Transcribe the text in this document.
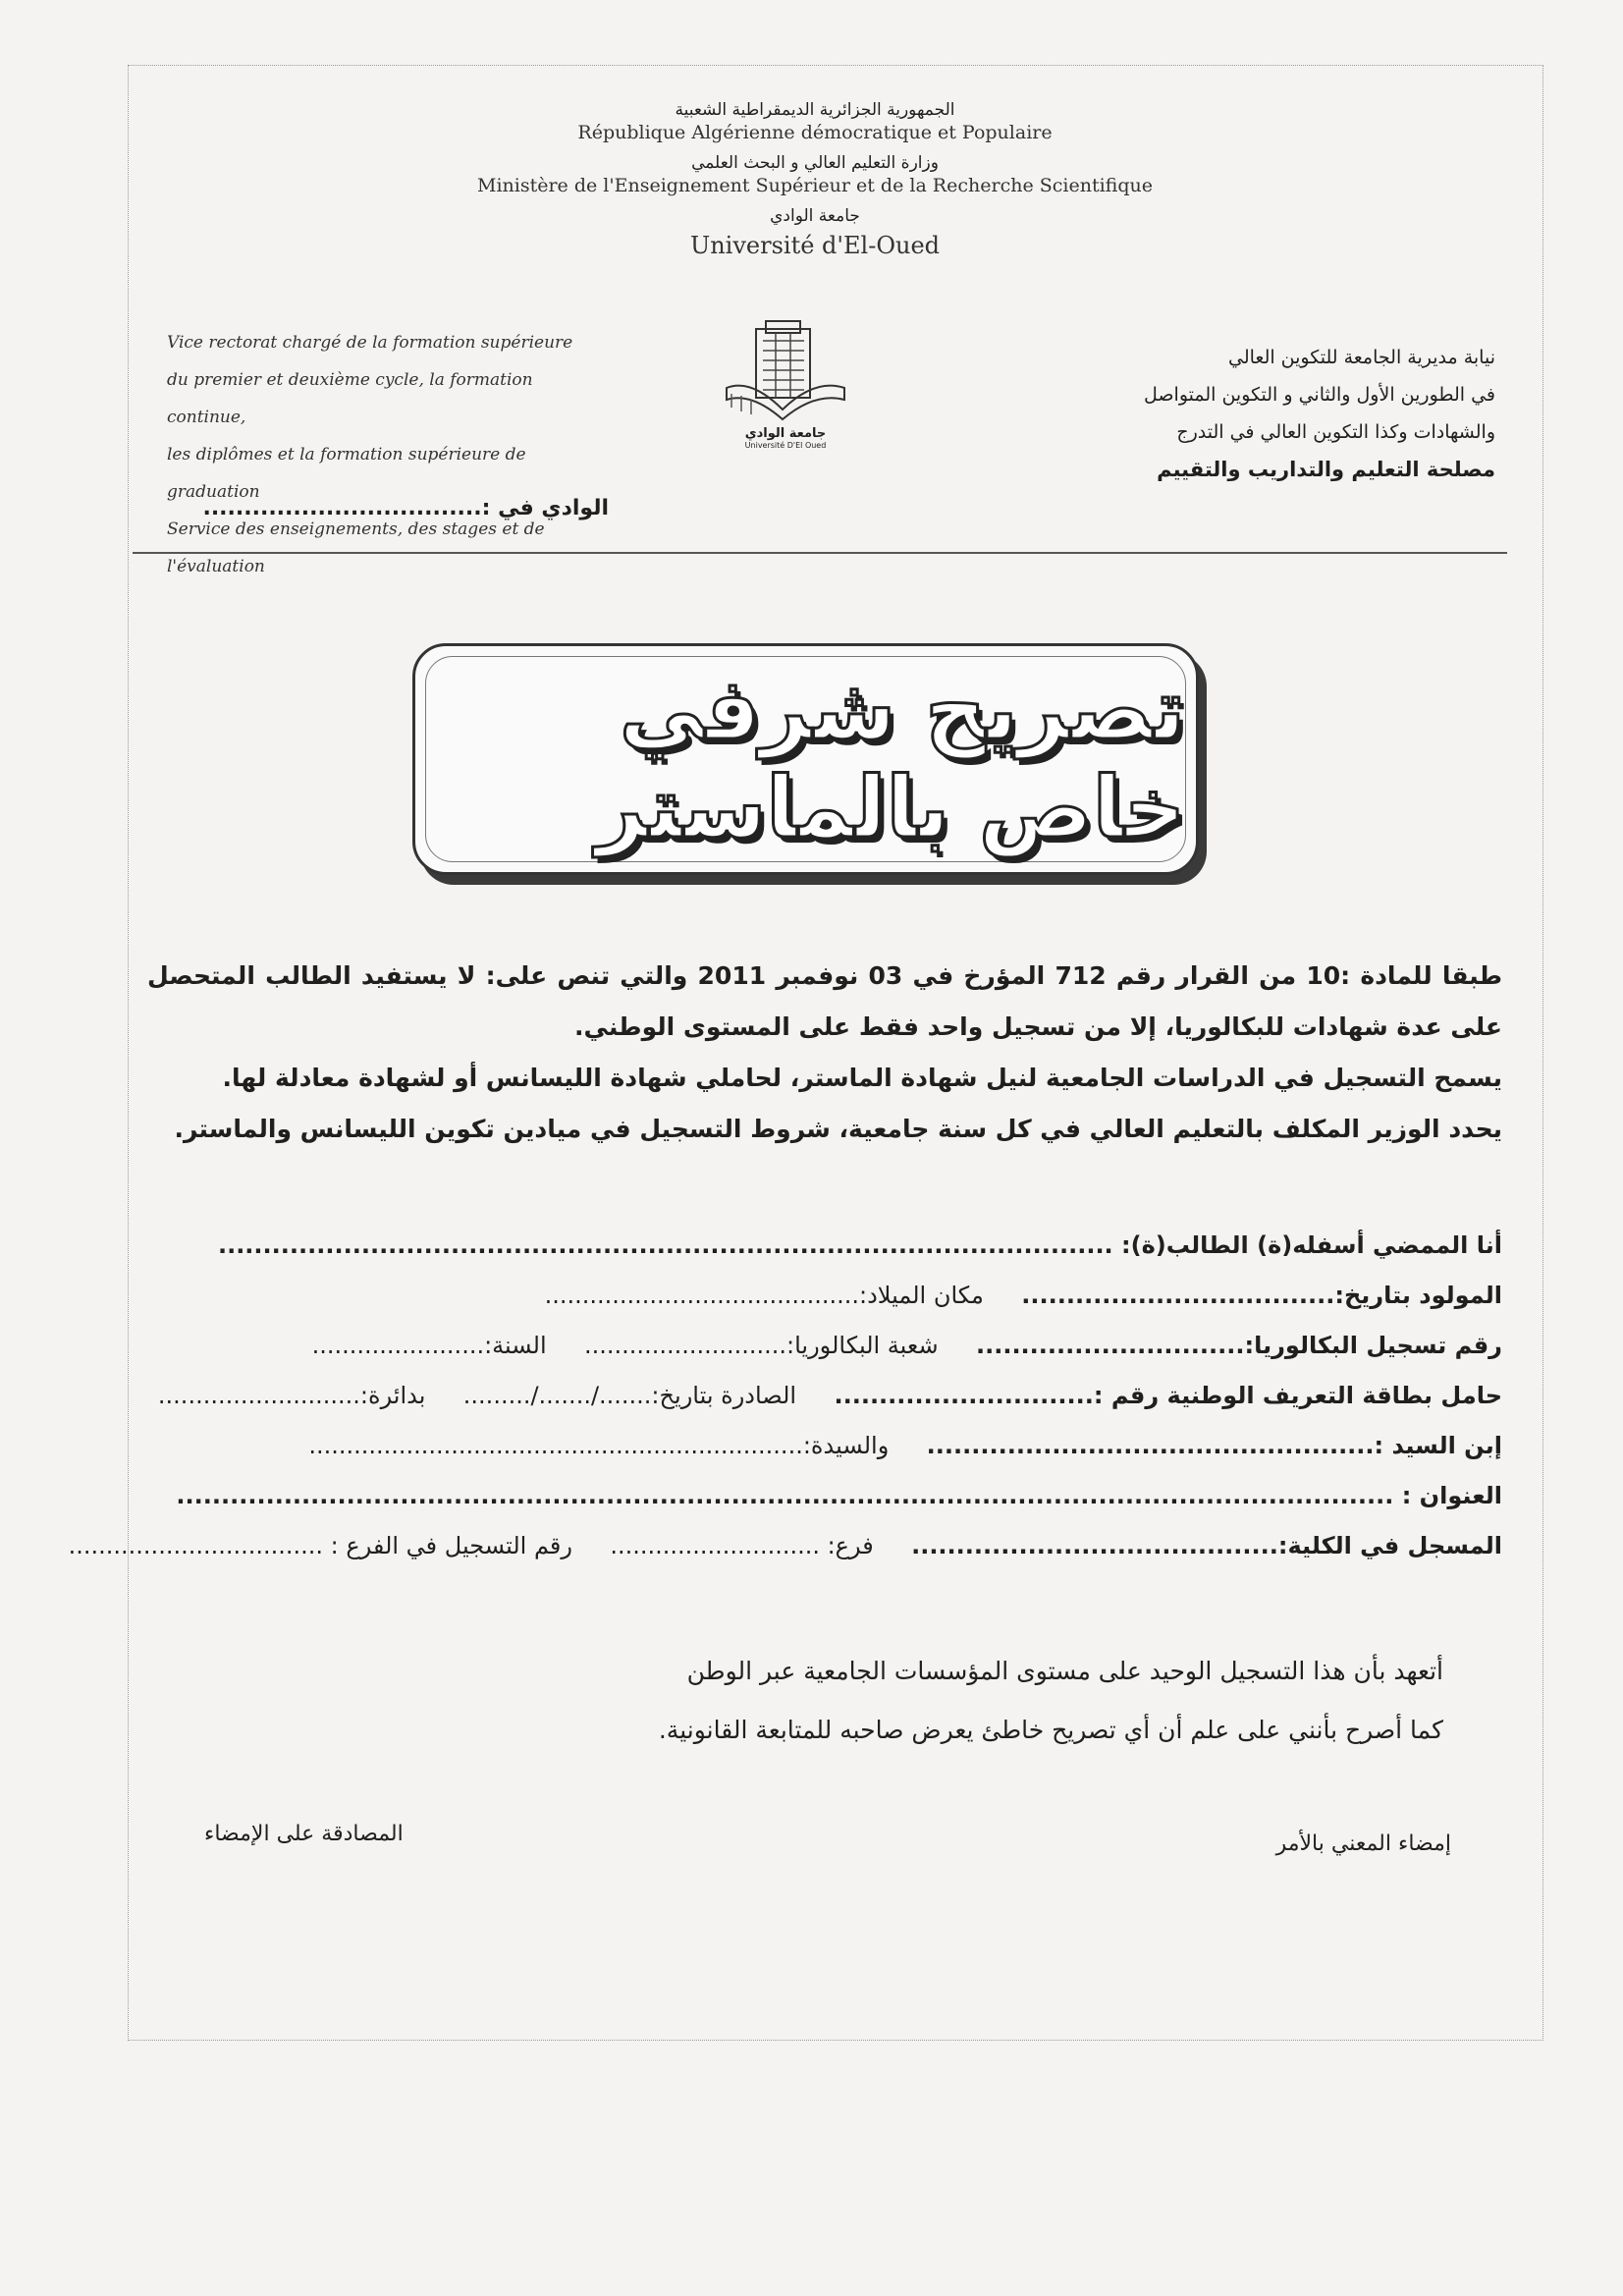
الجمهورية الجزائرية الديمقراطية الشعبية
République Algérienne démocratique et Populaire
وزارة التعليم العالي و البحث العلمي
Ministère de l'Enseignement Supérieur et de la Recherche Scientifique
جامعة الوادي
Université d'El-Oued
Vice rectorat chargé de la formation supérieure
du premier et deuxième cycle, la formation continue,
les diplômes et la formation supérieure de graduation
Service des enseignements, des stages et de l'évaluation
جامعة الوادي
Université D'El Oued
نيابة مديرية الجامعة للتكوين العالي
في الطورين الأول والثاني و التكوين المتواصل
والشهادات وكذا التكوين العالي في التدرج
مصلحة التعليم والتداريب والتقييم
الوادي في :..................................
تصريح شرفي خاص بالماستر

طبقا للمادة :10 من القرار رقم 712 المؤرخ في 03 نوفمبر 2011 والتي تنص على: لا يستفيد الطالب المتحصل على عدة شهادات للبكالوريا، إلا من تسجيل واحد فقط على المستوى الوطني.

يسمح التسجيل في الدراسات الجامعية لنيل شهادة الماستر، لحاملي شهادة الليسانس أو لشهادة معادلة لها.

يحدد الوزير المكلف بالتعليم العالي في كل سنة جامعية، شروط التسجيل في ميادين تكوين الليسانس والماستر.

أنا الممضي أسفله(ة) الطالب(ة): ....................................................................................................
المولود بتاريخ:................................... مكان الميلاد:..........................................
رقم تسجيل البكالوريا:.............................. شعبة البكالوريا:........................... السنة:.......................
حامل بطاقة التعريف الوطنية رقم :............................. الصادرة بتاريخ:......./......./......... بدائرة:...........................
إبن السيد :.................................................. والسيدة:..................................................................
العنوان : ........................................................................................................................................
المسجل في الكلية:......................................... فرع: ............................ رقم التسجيل في الفرع : ..................................

أتعهد بأن هذا التسجيل الوحيد على مستوى المؤسسات الجامعية عبر الوطن

كما أصرح بأنني على علم أن أي تصريح خاطئ يعرض صاحبه للمتابعة القانونية.

إمضاء المعني بالأمر
المصادقة على الإمضاء
